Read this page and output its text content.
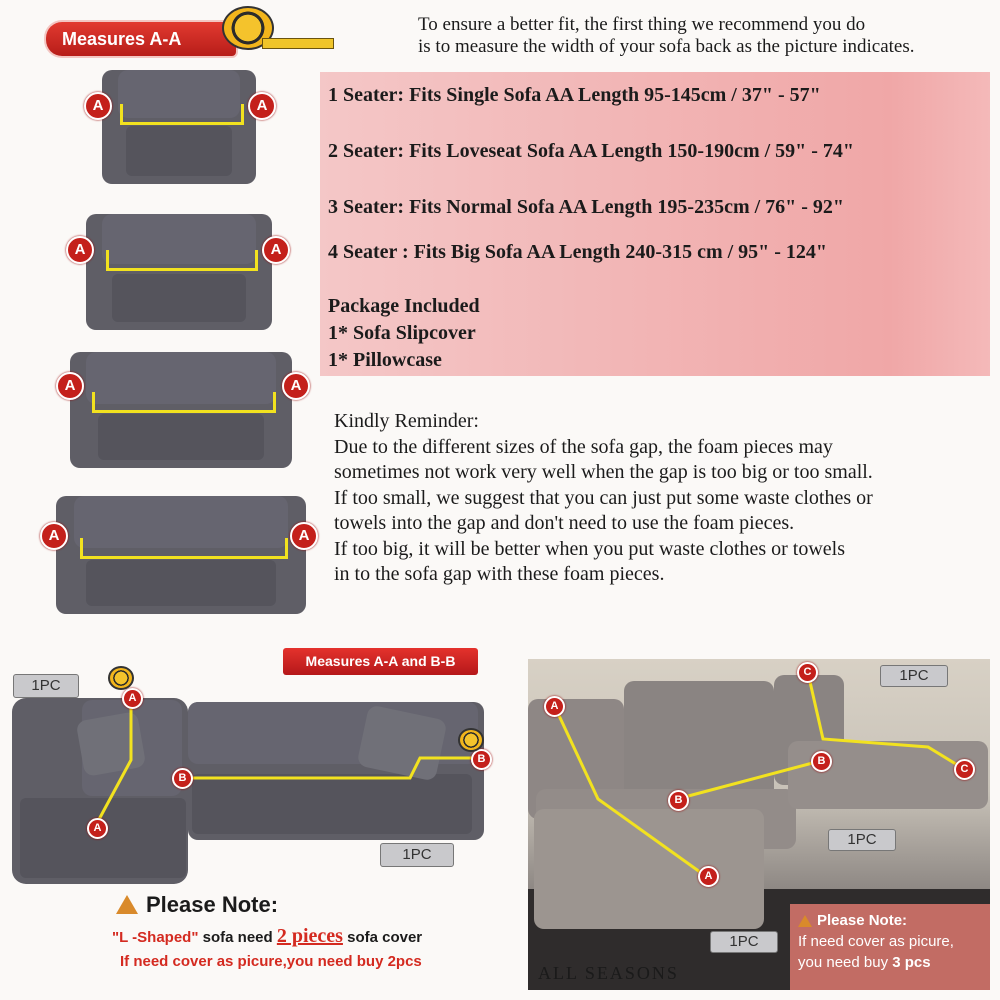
Measures A-A
To ensure a better fit, the first thing we recommend you do
is to measure the width of your sofa back as the picture indicates.
1 Seater: Fits Single Sofa AA Length 95-145cm / 37" - 57"
2 Seater: Fits Loveseat Sofa AA Length 150-190cm / 59" - 74"
3 Seater: Fits Normal Sofa AA Length 195-235cm / 76" - 92"
4 Seater : Fits Big Sofa AA Length 240-315 cm / 95" - 124"
Package Included
1* Sofa Slipcover
1* Pillowcase
Kindly Reminder:
Due to the different sizes of the sofa gap, the foam pieces may
sometimes not work very well when the gap is too big or too small.
If too small, we suggest that you can just put some waste clothes or
towels into the gap and don't need to use the foam pieces.
If too big, it will be better when you put waste clothes or towels
in to the sofa gap with these foam pieces.
A	A
A	A
A	A
A	A
Measures A-A and B-B
A
A
B
B
1PC
1PC
Please Note:
"L -Shaped" sofa need 2 pieces sofa cover
If need cover as picure,you need buy 2pcs
A
A
B
B
C
C
1PC
1PC
1PC
ALL SEASONS
Please Note:
If need cover as picure,
you need buy 3 pcs
